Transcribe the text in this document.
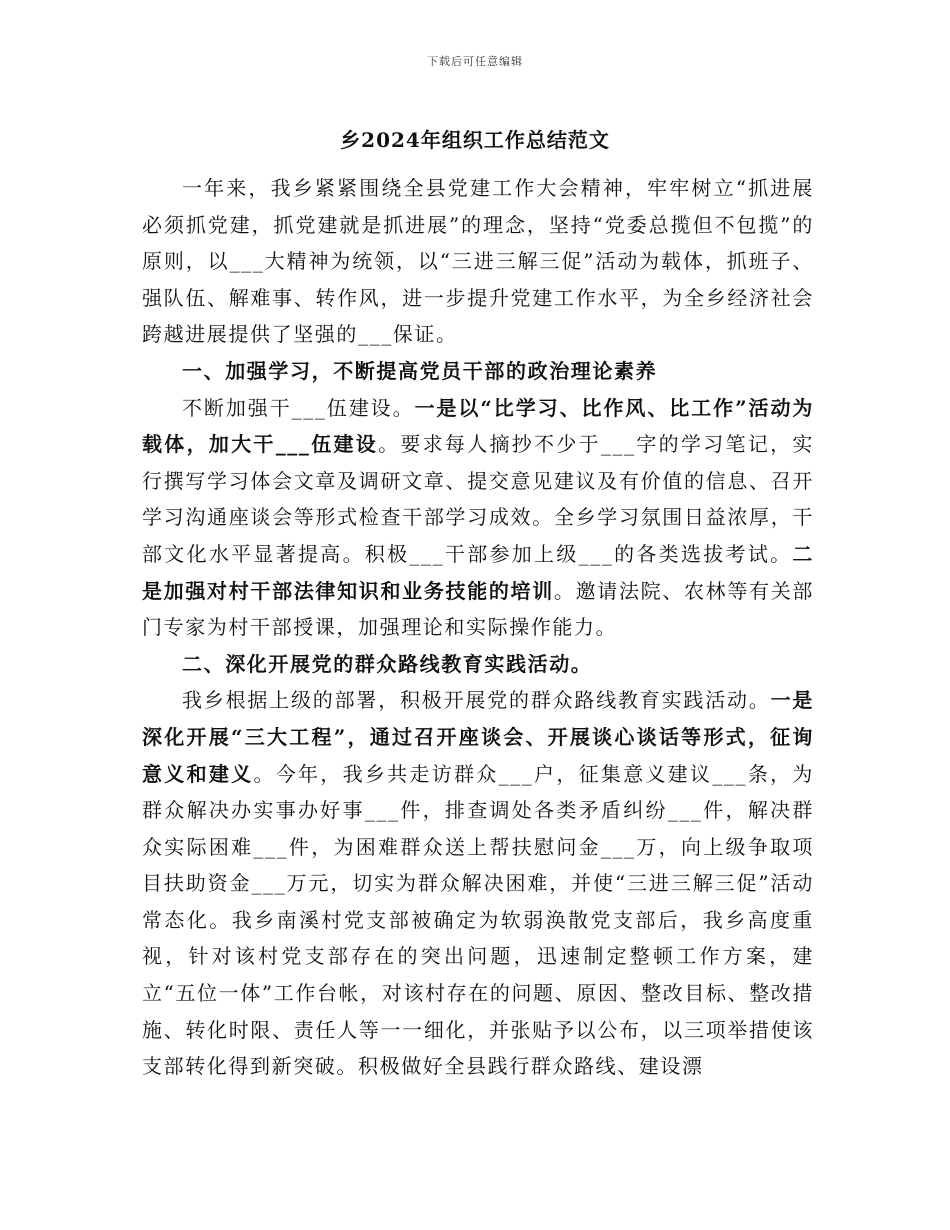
下载后可任意编辑
乡2024年组织工作总结范文

一年来，我乡紧紧围绕全县党建工作大会精神，牢牢树立“抓进展必须抓党建，抓党建就是抓进展”的理念，坚持“党委总揽但不包揽”的原则，以___大精神为统领，以“三进三解三促”活动为载体，抓班子、强队伍、解难事、转作风，进一步提升党建工作水平，为全乡经济社会跨越进展提供了坚强的___保证。

一、加强学习，不断提高党员干部的政治理论素养

不断加强干___伍建设。一是以“比学习、比作风、比工作”活动为载体，加大干___伍建设。要求每人摘抄不少于___字的学习笔记，实行撰写学习体会文章及调研文章、提交意见建议及有价值的信息、召开学习沟通座谈会等形式检查干部学习成效。全乡学习氛围日益浓厚，干部文化水平显著提高。积极___干部参加上级___的各类选拔考试。二是加强对村干部法律知识和业务技能的培训。邀请法院、农林等有关部门专家为村干部授课，加强理论和实际操作能力。

二、深化开展党的群众路线教育实践活动。

我乡根据上级的部署，积极开展党的群众路线教育实践活动。一是深化开展“三大工程”，通过召开座谈会、开展谈心谈话等形式，征询意义和建义。今年，我乡共走访群众___户，征集意义建议___条，为群众解决办实事办好事___件，排查调处各类矛盾纠纷___件，解决群众实际困难___件，为困难群众送上帮扶慰问金___万，向上级争取项目扶助资金___万元，切实为群众解决困难，并使“三进三解三促”活动常态化。我乡南溪村党支部被确定为软弱涣散党支部后，我乡高度重视，针对该村党支部存在的突出问题，迅速制定整顿工作方案，建立“五位一体”工作台帐，对该村存在的问题、原因、整改目标、整改措施、转化时限、责任人等一一细化，并张贴予以公布，以三项举措使该支部转化得到新突破。积极做好全县践行群众路线、建设漂
